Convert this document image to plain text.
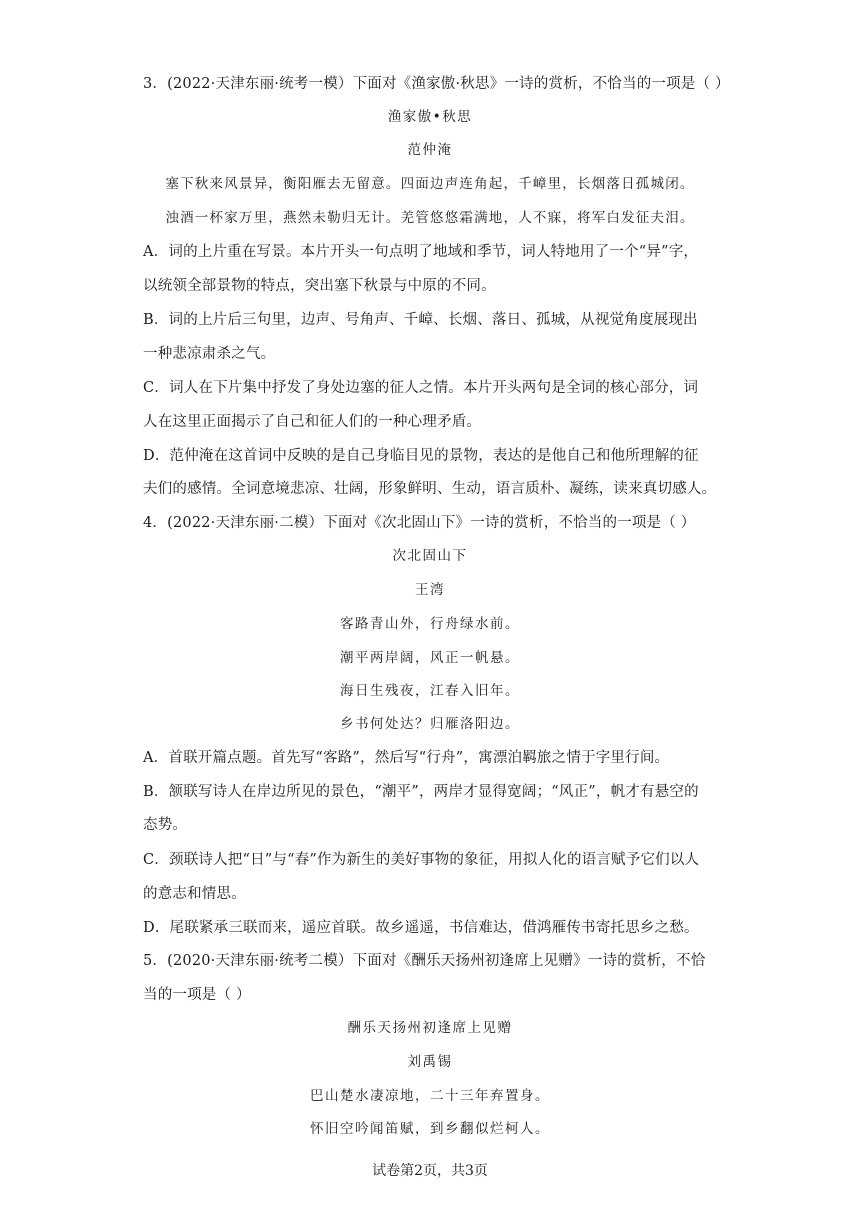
3．(2022·天津东丽·统考一模）下面对《渔家傲·秋思》一诗的赏析，不恰当的一项是（ ）
渔家傲•秋思
范仲淹
塞下秋来风景异，衡阳雁去无留意。四面边声连角起，千嶂里，长烟落日孤城闭。
浊酒一杯家万里，燕然未勒归无计。羌管悠悠霜满地，人不寐，将军白发征夫泪。
A．词的上片重在写景。本片开头一句点明了地域和季节，词人特地用了一个“异”字，
以统领全部景物的特点，突出塞下秋景与中原的不同。
B．词的上片后三句里，边声、号角声、千嶂、长烟、落日、孤城，从视觉角度展现出
一种悲凉肃杀之气。
C．词人在下片集中抒发了身处边塞的征人之情。本片开头两句是全词的核心部分，词
人在这里正面揭示了自己和征人们的一种心理矛盾。
D．范仲淹在这首词中反映的是自己身临目见的景物，表达的是他自己和他所理解的征
夫们的感情。全词意境悲凉、壮阔，形象鲜明、生动，语言质朴、凝练，读来真切感人。
4．(2022·天津东丽·二模）下面对《次北固山下》一诗的赏析，不恰当的一项是（ ）
次北固山下
王湾
客路青山外，行舟绿水前。
潮平两岸阔，风正一帆悬。
海日生残夜，江春入旧年。
乡书何处达？归雁洛阳边。
A．首联开篇点题。首先写“客路”，然后写“行舟”，寓漂泊羁旅之情于字里行间。
B．颔联写诗人在岸边所见的景色，“潮平”，两岸才显得宽阔；“风正”，帆才有悬空的
态势。
C．颈联诗人把“日”与“春”作为新生的美好事物的象征，用拟人化的语言赋予它们以人
的意志和情思。
D．尾联紧承三联而来，遥应首联。故乡遥遥，书信难达，借鸿雁传书寄托思乡之愁。
5．(2020·天津东丽·统考二模）下面对《酬乐天扬州初逢席上见赠》一诗的赏析，不恰
当的一项是（ ）
酬乐天扬州初逢席上见赠
刘禹锡
巴山楚水凄凉地，二十三年弃置身。
怀旧空吟闻笛赋，到乡翻似烂柯人。
试卷第2页，共3页
